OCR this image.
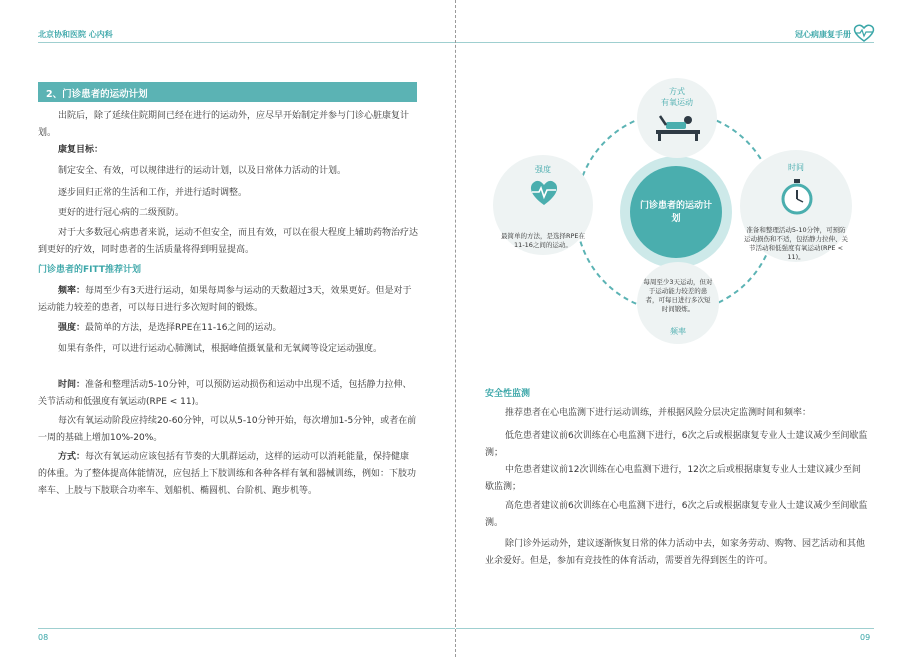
北京协和医院 心内科	冠心病康复手册
2、门诊患者的运动计划
出院后，除了延续住院期间已经在进行的运动外，应尽早开始制定并参与门诊心脏康复计划。
康复目标：
制定安全、有效，可以规律进行的运动计划，以及日常体力活动的计划。
逐步回归正常的生活和工作，并进行适时调整。
更好的进行冠心病的二级预防。
对于大多数冠心病患者来说，运动不但安全，而且有效，可以在很大程度上辅助药物治疗达到更好的疗效，同时患者的生活质量将得到明显提高。
门诊患者的FITT推荐计划
频率：每周至少有3天进行运动，如果每周参与运动的天数超过3天，效果更好。但是对于运动能力较差的患者，可以每日进行多次短时间的锻炼。
强度：最简单的方法，是选择RPE在11-16之间的运动。
如果有条件，可以进行运动心肺测试，根据峰值摄氧量和无氧阈等设定运动强度。
时间：准备和整理活动5-10分钟，可以预防运动损伤和运动中出现不适，包括静力拉伸、关节活动和低强度有氧运动(RPE < 11)。
每次有氧运动阶段应持续20-60分钟，可以从5-10分钟开始，每次增加1-5分钟，或者在前一周的基础上增加10%-20%。
方式：每次有氧运动应该包括有节奏的大肌群运动，这样的运动可以消耗能量，保持健康的体重。为了整体提高体能情况，应包括上下肢训练和各种各样有氧和器械训练，例如：下肢功率车、上肢与下肢联合功率车、划船机、椭圆机、台阶机、跑步机等。
08
门诊患者的运动计划
方式
有氧运动
强度
最简单的方法，是选择RPE在11-16之间的运动。
时间
准备和整理活动5-10分钟，可预防运动损伤和不适，包括静力拉伸、关节活动和低强度有氧运动(RPE < 11)。
每周至少3天运动，但对于运动能力较差的患者，可每日进行多次短时间锻炼。
频率
安全性监测
推荐患者在心电监测下进行运动训练，并根据风险分层决定监测时间和频率：
低危患者建议前6次训练在心电监测下进行，6次之后或根据康复专业人士建议减少至间歇监测；
中危患者建议前12次训练在心电监测下进行，12次之后或根据康复专业人士建议减少至间歇监测；
高危患者建议前6次训练在心电监测下进行，6次之后或根据康复专业人士建议减少至间歇监测。
除门诊外运动外，建议逐渐恢复日常的体力活动中去，如家务劳动、购物、园艺活动和其他业余爱好。但是，参加有竞技性的体育活动，需要首先得到医生的许可。
09
